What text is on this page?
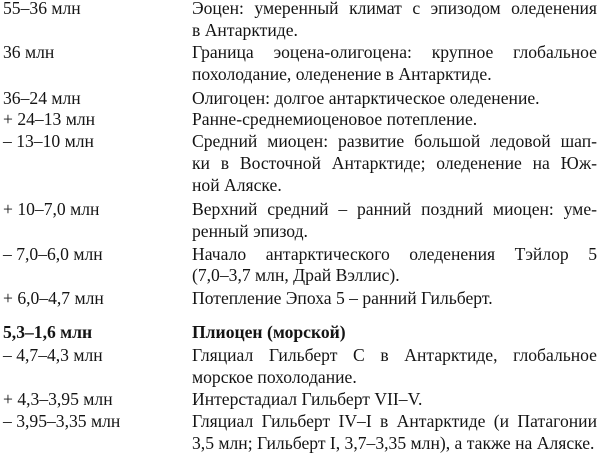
55–36 млн	Эоцен: умеренный климат с эпизодом оледенения
в Антарктиде.
36 млн	Граница эоцена-олигоцена: крупное глобальное
похолодание, оледенение в Антарктиде.
36–24 млн	Олигоцен: долгое антарктическое оледенение.
+ 24–13 млн	Ранне-среднемиоценовое потепление.
– 13–10 млн	Средний миоцен: развитие большой ледовой шап-
ки в Восточной Антарктиде; оледенение на Юж-
ной Аляске.
+ 10–7,0 млн	Верхний средний – ранний поздний миоцен: уме-
ренный эпизод.
– 7,0–6,0 млн	Начало антарктического оледенения Тэйлор 5
(7,0–3,7 млн, Драй Вэллис).
+ 6,0–4,7 млн	Потепление Эпоха 5 – ранний Гильберт.
5,3–1,6 млн	Плиоцен (морской)
– 4,7–4,3 млн	Гляциал Гильберт C в Антарктиде, глобальное
морское похолодание.
+ 4,3–3,95 млн	Интерстадиал Гильберт VII–V.
– 3,95–3,35 млн	Гляциал Гильберт IV–I в Антарктиде (и Патагонии
3,5 млн; Гильберт I, 3,7–3,35 млн), а также на Аляске.
